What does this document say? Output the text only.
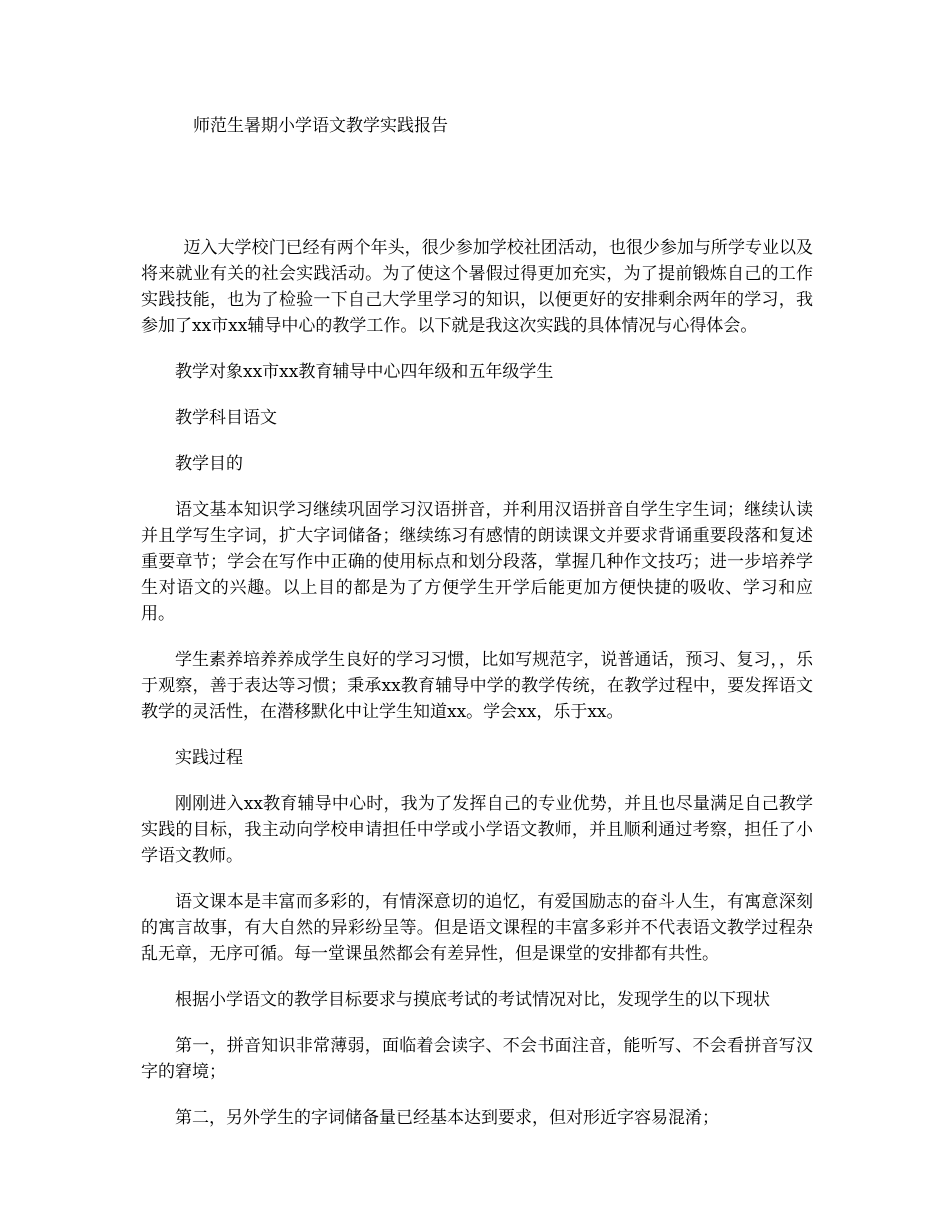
师范生暑期小学语文教学实践报告

迈入大学校门已经有两个年头，很少参加学校社团活动，也很少参加与所学专业以及将来就业有关的社会实践活动。为了使这个暑假过得更加充实，为了提前锻炼自己的工作实践技能，也为了检验一下自己大学里学习的知识，以便更好的安排剩余两年的学习，我参加了xx市xx辅导中心的教学工作。以下就是我这次实践的具体情况与心得体会。

教学对象xx市xx教育辅导中心四年级和五年级学生

教学科目语文

教学目的

语文基本知识学习继续巩固学习汉语拼音，并利用汉语拼音自学生字生词；继续认读并且学写生字词，扩大字词储备；继续练习有感情的朗读课文并要求背诵重要段落和复述重要章节；学会在写作中正确的使用标点和划分段落，掌握几种作文技巧；进一步培养学生对语文的兴趣。以上目的都是为了方便学生开学后能更加方便快捷的吸收、学习和应用。

学生素养培养养成学生良好的学习习惯，比如写规范字，说普通话，预习、复习，，乐于观察，善于表达等习惯；秉承xx教育辅导中学的教学传统，在教学过程中，要发挥语文教学的灵活性，在潜移默化中让学生知道xx。学会xx，乐于xx。

实践过程

刚刚进入xx教育辅导中心时，我为了发挥自己的专业优势，并且也尽量满足自己教学实践的目标，我主动向学校申请担任中学或小学语文教师，并且顺利通过考察，担任了小学语文教师。

语文课本是丰富而多彩的，有情深意切的追忆，有爱国励志的奋斗人生，有寓意深刻的寓言故事，有大自然的异彩纷呈等。但是语文课程的丰富多彩并不代表语文教学过程杂乱无章，无序可循。每一堂课虽然都会有差异性，但是课堂的安排都有共性。

根据小学语文的教学目标要求与摸底考试的考试情况对比，发现学生的以下现状

第一，拼音知识非常薄弱，面临着会读字、不会书面注音，能听写、不会看拼音写汉字的窘境；

第二，另外学生的字词储备量已经基本达到要求，但对形近字容易混淆；
